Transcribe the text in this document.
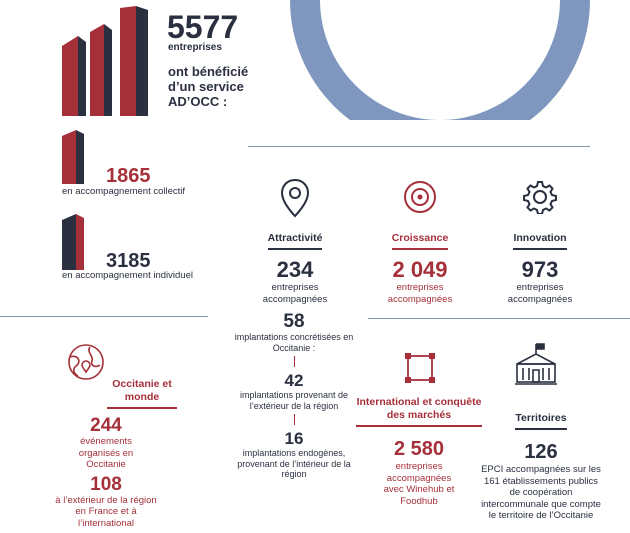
5577
entreprises
ont bénéficié d’un service AD’OCC :
1865
en accompagnement collectif
3185
en accompagnement individuel
Attractivité
234
entreprises accompagnées
Croissance
2 049
entreprises accompagnées
Innovation
973
entreprises accompagnées
58
implantations concrétisées en Occitanie :
42
implantations provenant de l’extérieur de la région
16
implantations endogènes, provenant de l’intérieur de la région
Occitanie et monde
244
événements organisés en Occitanie
108
à l’extérieur de la région en France et à l’international
International et conquête des marchés
2 580
entreprises accompagnées avec Winehub et Foodhub
Territoires
126
EPCI accompagnées sur les 161 établissements publics de coopération intercommunale que compte le territoire de l’Occitanie
